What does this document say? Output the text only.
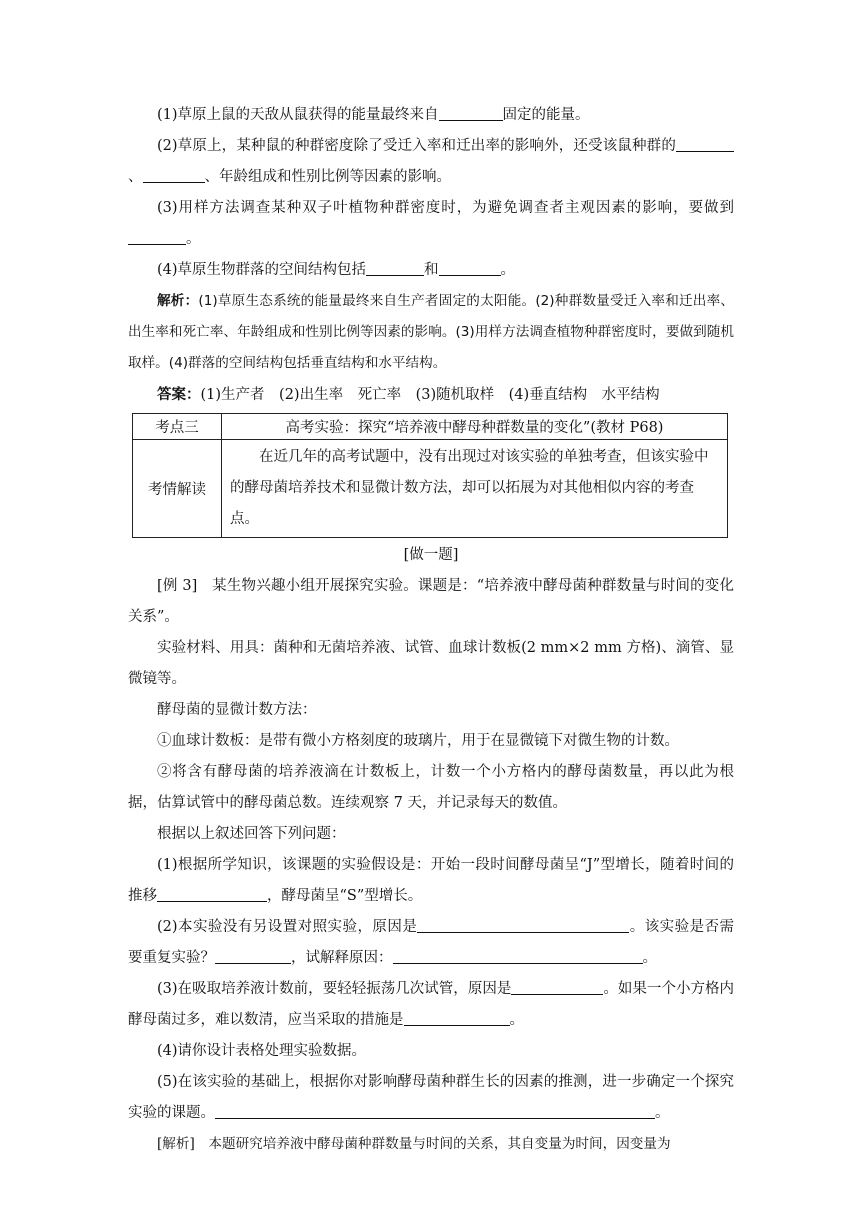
(1)草原上鼠的天敌从鼠获得的能量最终来自	固定的能量。

(2)草原上，某种鼠的种群密度除了受迁入率和迁出率的影响外，还受该鼠种群的、	、年龄组成和性别比例等因素的影响。

(3)用样方法调查某种双子叶植物种群密度时，为避免调查者主观因素的影响，要做到。

(4)草原生物群落的空间结构包括	和	。

解析：(1)草原生态系统的能量最终来自生产者固定的太阳能。(2)种群数量受迁入率和迁出率、出生率和死亡率、年龄组成和性别比例等因素的影响。(3)用样方法调查植物种群密度时，要做到随机取样。(4)群落的空间结构包括垂直结构和水平结构。

答案：(1)生产者　(2)出生率　死亡率　(3)随机取样　(4)垂直结构　水平结构

考点三	高考实验：探究“培养液中酵母种群数量的变化”(教材 P68)
考情解读	在近几年的高考试题中，没有出现过对该实验的单独考查，但该实验中的酵母菌培养技术和显微计数方法，却可以拓展为对其他相似内容的考查点。

[做一题]

[例 3]　 某生物兴趣小组开展探究实验。课题是：“培养液中酵母菌种群数量与时间的变化关系”。

实验材料、用具：菌种和无菌培养液、试管、血球计数板(2 mm×2 mm 方格)、滴管、显微镜等。

酵母菌的显微计数方法：

①血球计数板：是带有微小方格刻度的玻璃片，用于在显微镜下对微生物的计数。

②将含有酵母菌的培养液滴在计数板上，计数一个小方格内的酵母菌数量，再以此为根据，估算试管中的酵母菌总数。连续观察 7 天，并记录每天的数值。

根据以上叙述回答下列问题：

(1)根据所学知识，该课题的实验假设是：开始一段时间酵母菌呈“J”型增长，随着时间的推移	，酵母菌呈“S”型增长。

(2)本实验没有另设置对照实验，原因是	。该实验是否需要重复实验？	，试解释原因：	。

(3)在吸取培养液计数前，要轻轻振荡几次试管，原因是	。如果一个小方格内酵母菌过多，难以数清，应当采取的措施是	。

(4)请你设计表格处理实验数据。

(5)在该实验的基础上，根据你对影响酵母菌种群生长的因素的推测，进一步确定一个探究实验的课题。	。

[解析]　 本题研究培养液中酵母菌种群数量与时间的关系，其自变量为时间，因变量为
